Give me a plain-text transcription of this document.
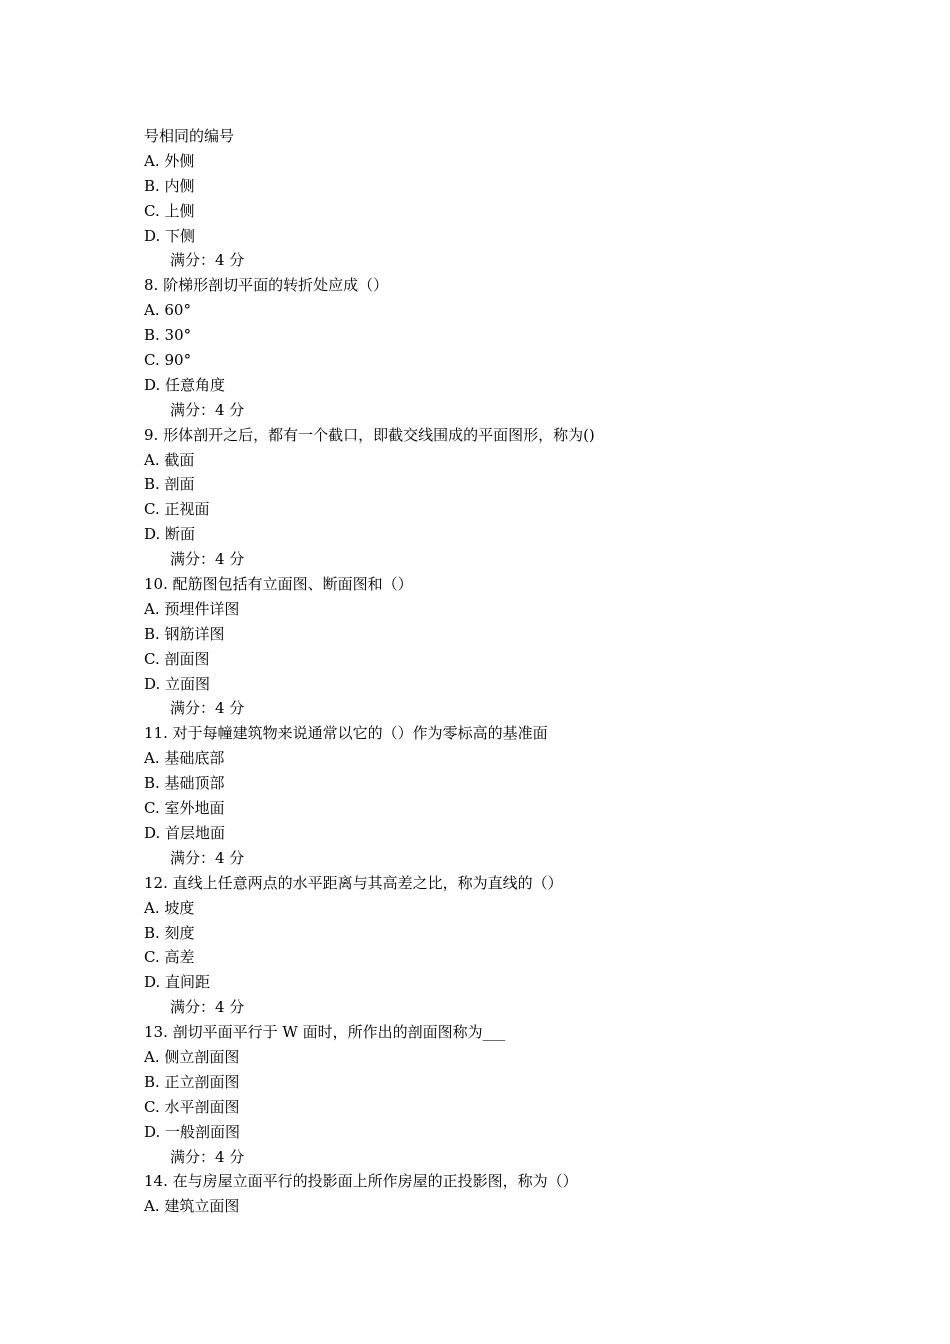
号相同的编号
A. 外侧
B. 内侧
C. 上侧
D. 下侧
满分：4 分
8. 阶梯形剖切平面的转折处应成（）
A. 60°
B. 30°
C. 90°
D. 任意角度
满分：4 分
9. 形体剖开之后，都有一个截口，即截交线围成的平面图形，称为()
A. 截面
B. 剖面
C. 正视面
D. 断面
满分：4 分
10. 配筋图包括有立面图、断面图和（）
A. 预埋件详图
B. 钢筋详图
C. 剖面图
D. 立面图
满分：4 分
11. 对于每幢建筑物来说通常以它的（）作为零标高的基准面
A. 基础底部
B. 基础顶部
C. 室外地面
D. 首层地面
满分：4 分
12. 直线上任意两点的水平距离与其高差之比，称为直线的（）
A. 坡度
B. 刻度
C. 高差
D. 直间距
满分：4 分
13. 剖切平面平行于 W 面时，所作出的剖面图称为___
A. 侧立剖面图
B. 正立剖面图
C. 水平剖面图
D. 一般剖面图
满分：4 分
14. 在与房屋立面平行的投影面上所作房屋的正投影图，称为（）
A. 建筑立面图
